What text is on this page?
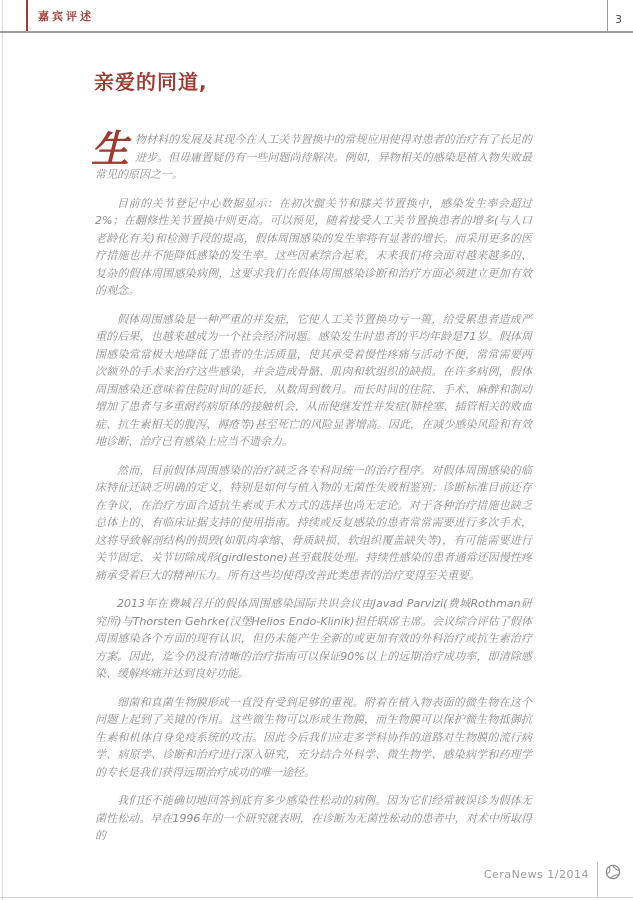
嘉宾评述	3
亲爱的同道,

生物材料的发展及其现今在人工关节置换中的常规应用使得对患者的治疗有了长足的进步。但毋庸置疑仍有一些问题尚待解决。例如，异物相关的感染是植入物失败最常见的原因之一。

目前的关节登记中心数据显示：在初次髋关节和膝关节置换中，感染发生率会超过2%；在翻修性关节置换中则更高。可以预见，随着接受人工关节置换患者的增多(与人口老龄化有关)和检测手段的提高，假体周围感染的发生率将有显著的增长。而采用更多的医疗措施也并不能降低感染的发生率。这些因素综合起来，未来我们将会面对越来越多的、复杂的假体周围感染病例，这要求我们在假体周围感染诊断和治疗方面必须建立更加有效的观念。

假体周围感染是一种严重的并发症，它使人工关节置换功亏一篑，给受累患者造成严重的后果，也越来越成为一个社会经济问题。感染发生时患者的平均年龄是71岁。假体周围感染常常极大地降低了患者的生活质量，使其承受着慢性疼痛与活动不便，常常需要两次额外的手术来治疗这些感染，并会造成骨骼、肌肉和软组织的缺损。在许多病例，假体周围感染还意味着住院时间的延长，从数周到数月。而长时间的住院、手术、麻醉和制动增加了患者与多重耐药病原体的接触机会，从而使继发性并发症(肺栓塞、插管相关的败血症、抗生素相关的腹泻、褥疮等)甚至死亡的风险显著增高。因此，在减少感染风险和有效地诊断、治疗已有感染上应当不遗余力。

然而，目前假体周围感染的治疗缺乏各专科间统一的治疗程序。对假体周围感染的临床特征还缺乏明确的定义，特别是如何与植入物的无菌性失败相鉴别；诊断标准目前还存在争议，在治疗方面合适抗生素或手术方式的选择也尚无定论。对于各种治疗措施也缺乏总体上的、有临床证据支持的使用指南。持续或反复感染的患者常常需要进行多次手术，这将导致解剖结构的损毁(如肌肉挛缩、骨质缺损、软组织覆盖缺失等)，有可能需要进行关节固定、关节切除成形(girdlestone)甚至截肢处理。持续性感染的患者通常还因慢性疼痛承受着巨大的精神压力。所有这些均使得改善此类患者的治疗变得至关重要。

2013年在费城召开的假体周围感染国际共识会议由Javad Parvizi(费城Rothman研究所)与Thorsten Gehrke(汉堡Helios Endo-Klinik)担任联席主席。会议综合评估了假体周围感染各个方面的现有认识，但仍未能产生全新的或更加有效的外科治疗或抗生素治疗方案。因此，迄今仍没有清晰的治疗指南可以保证90%以上的远期治疗成功率，即清除感染、缓解疼痛并达到良好功能。

细菌和真菌生物膜形成一直没有受到足够的重视。附着在植入物表面的微生物在这个问题上起到了关键的作用。这些微生物可以形成生物膜，而生物膜可以保护微生物抵御抗生素和机体自身免疫系统的攻击。因此今后我们应走多学科协作的道路对生物膜的流行病学、病原学、诊断和治疗进行深入研究，充分结合外科学、微生物学、感染病学和药理学的专长是我们获得远期治疗成功的唯一途径。

我们还不能确切地回答到底有多少感染性松动的病例。因为它们经常被误诊为假体无菌性松动。早在1996年的一个研究就表明，在诊断为无菌性松动的患者中，对术中所取得的

CeraNews 1/2014
